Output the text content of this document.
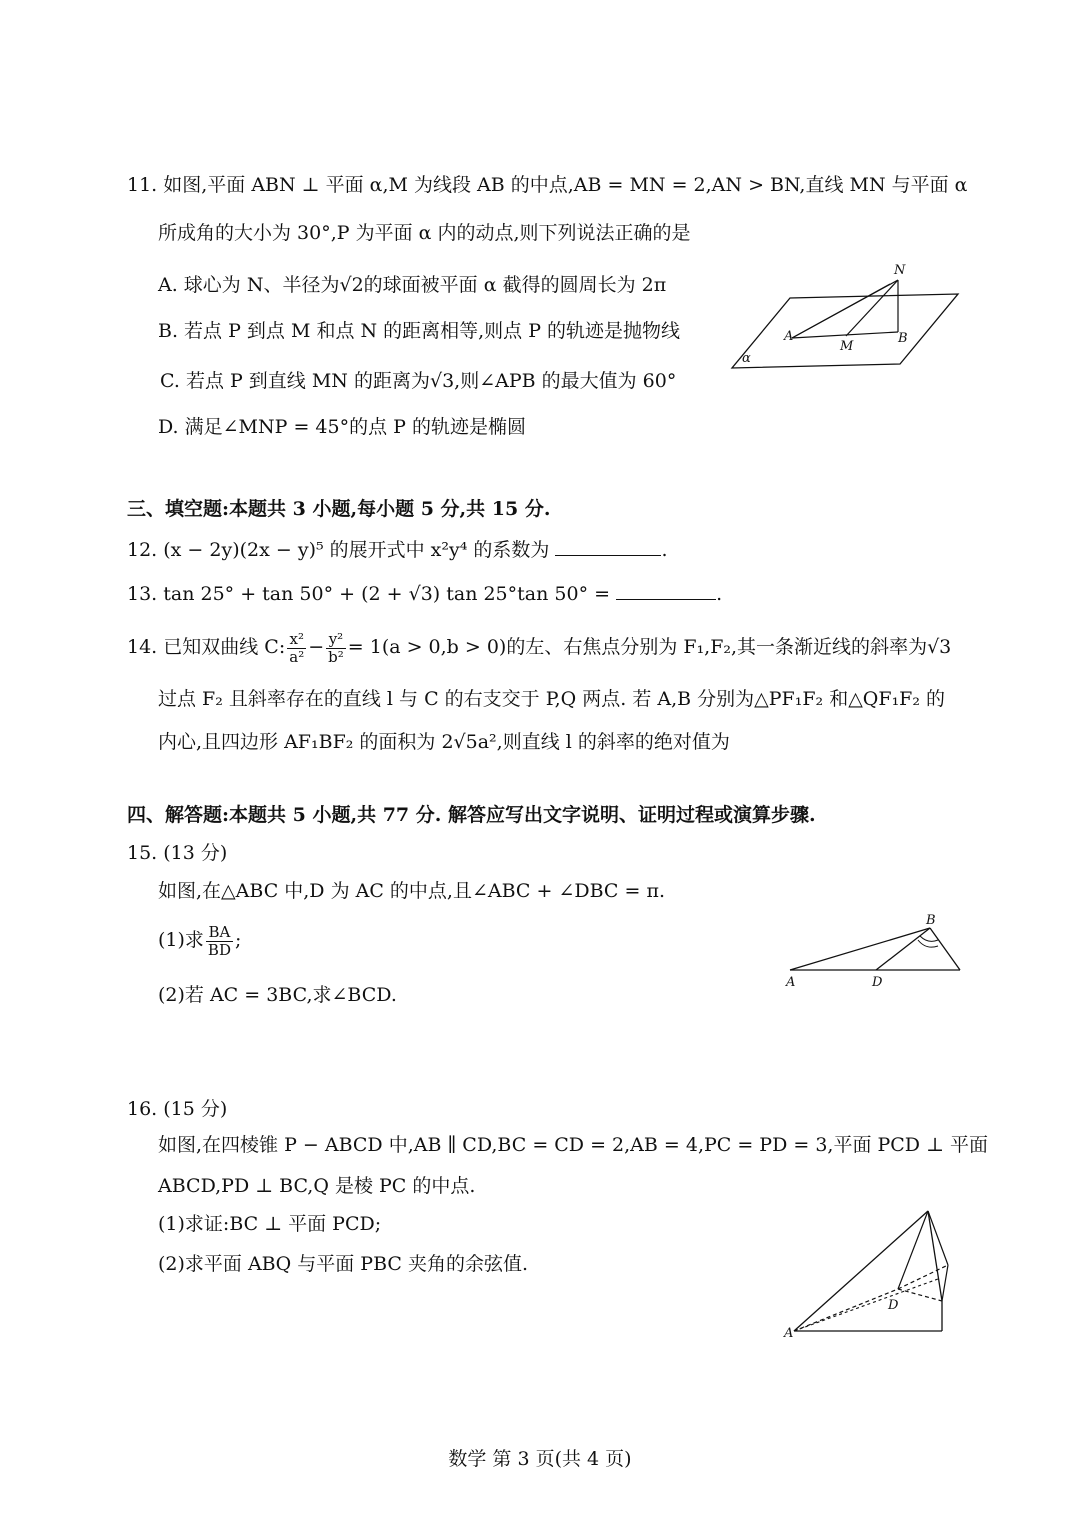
11. 如图,平面 ABN ⊥ 平面 α,M 为线段 AB 的中点,AB = MN = 2,AN > BN,直线 MN 与平面 α
所成角的大小为 30°,P 为平面 α 内的动点,则下列说法正确的是
A. 球心为 N、半径为√2的球面被平面 α 截得的圆周长为 2π
B. 若点 P 到点 M 和点 N 的距离相等,则点 P 的轨迹是抛物线
C. 若点 P 到直线 MN 的距离为√3,则∠APB 的最大值为 60°
D. 满足∠MNP = 45°的点 P 的轨迹是椭圆
N
A
M
B
α
三、填空题:本题共 3 小题,每小题 5 分,共 15 分.
12. (x − 2y)(2x − y)⁵ 的展开式中 x²y⁴ 的系数为	.
13. tan 25° + tan 50° + (2 + √3) tan 25°tan 50° =	.
14. 已知双曲线 C: $\frac{\text{x²}}{\text{a²}} - \frac{\text{y²}}{\text{b²}} = 1(a > 0,b > 0)$的左、右焦点分别为 F₁,F₂,其一条渐近线的斜率为√3
过点 F₂ 且斜率存在的直线 l 与 C 的右支交于 P,Q 两点. 若 A,B 分别为△PF₁F₂ 和△QF₁F₂ 的
内心,且四边形 AF₁BF₂ 的面积为 2√5a²,则直线 l 的斜率的绝对值为
四、解答题:本题共 5 小题,共 77 分. 解答应写出文字说明、证明过程或演算步骤.
15. (13 分)
如图,在△ABC 中,D 为 AC 的中点,且∠ABC + ∠DBC = π.
(1)求 $\frac{BA}{BD}$ ;
(2)若 AC = 3BC,求∠BCD.
A	D
B
16. (15 分)
如图,在四棱锥 P − ABCD 中,AB ∥ CD,BC = CD = 2,AB = 4,PC = PD = 3,平面 PCD ⊥ 平面
ABCD,PD ⊥ BC,Q 是棱 PC 的中点.
(1)求证:BC ⊥ 平面 PCD;
(2)求平面 ABQ 与平面 PBC 夹角的余弦值.
A
D
数学 第 3 页(共 4 页)
